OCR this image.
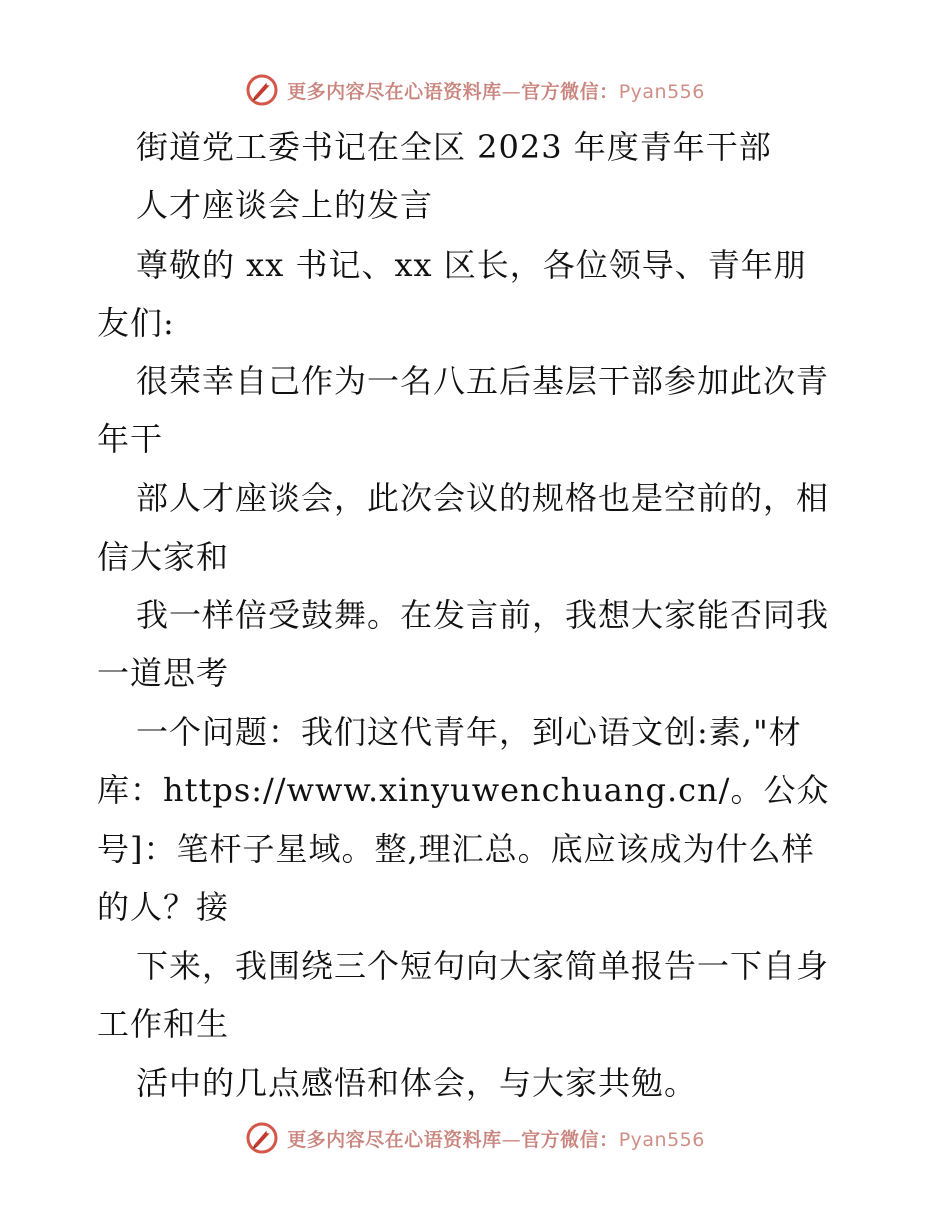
更多内容尽在心语资料库—官方微信：Pyan556
街道党工委书记在全区 2023 年度青年干部
人才座谈会上的发言
尊敬的 xx 书记、xx 区长，各位领导、青年朋
友们:
很荣幸自己作为一名八五后基层干部参加此次青
年干
部人才座谈会，此次会议的规格也是空前的，相
信大家和
我一样倍受鼓舞。在发言前，我想大家能否同我
一道思考
一个问题：我们这代青年，到心语文创:素,"材
库：https://www.xinyuwenchuang.cn/。公众
号]：笔杆子星域。整,理汇总。底应该成为什么样
的人？接
下来，我围绕三个短句向大家简单报告一下自身
工作和生
活中的几点感悟和体会，与大家共勉。
更多内容尽在心语资料库—官方微信：Pyan556
